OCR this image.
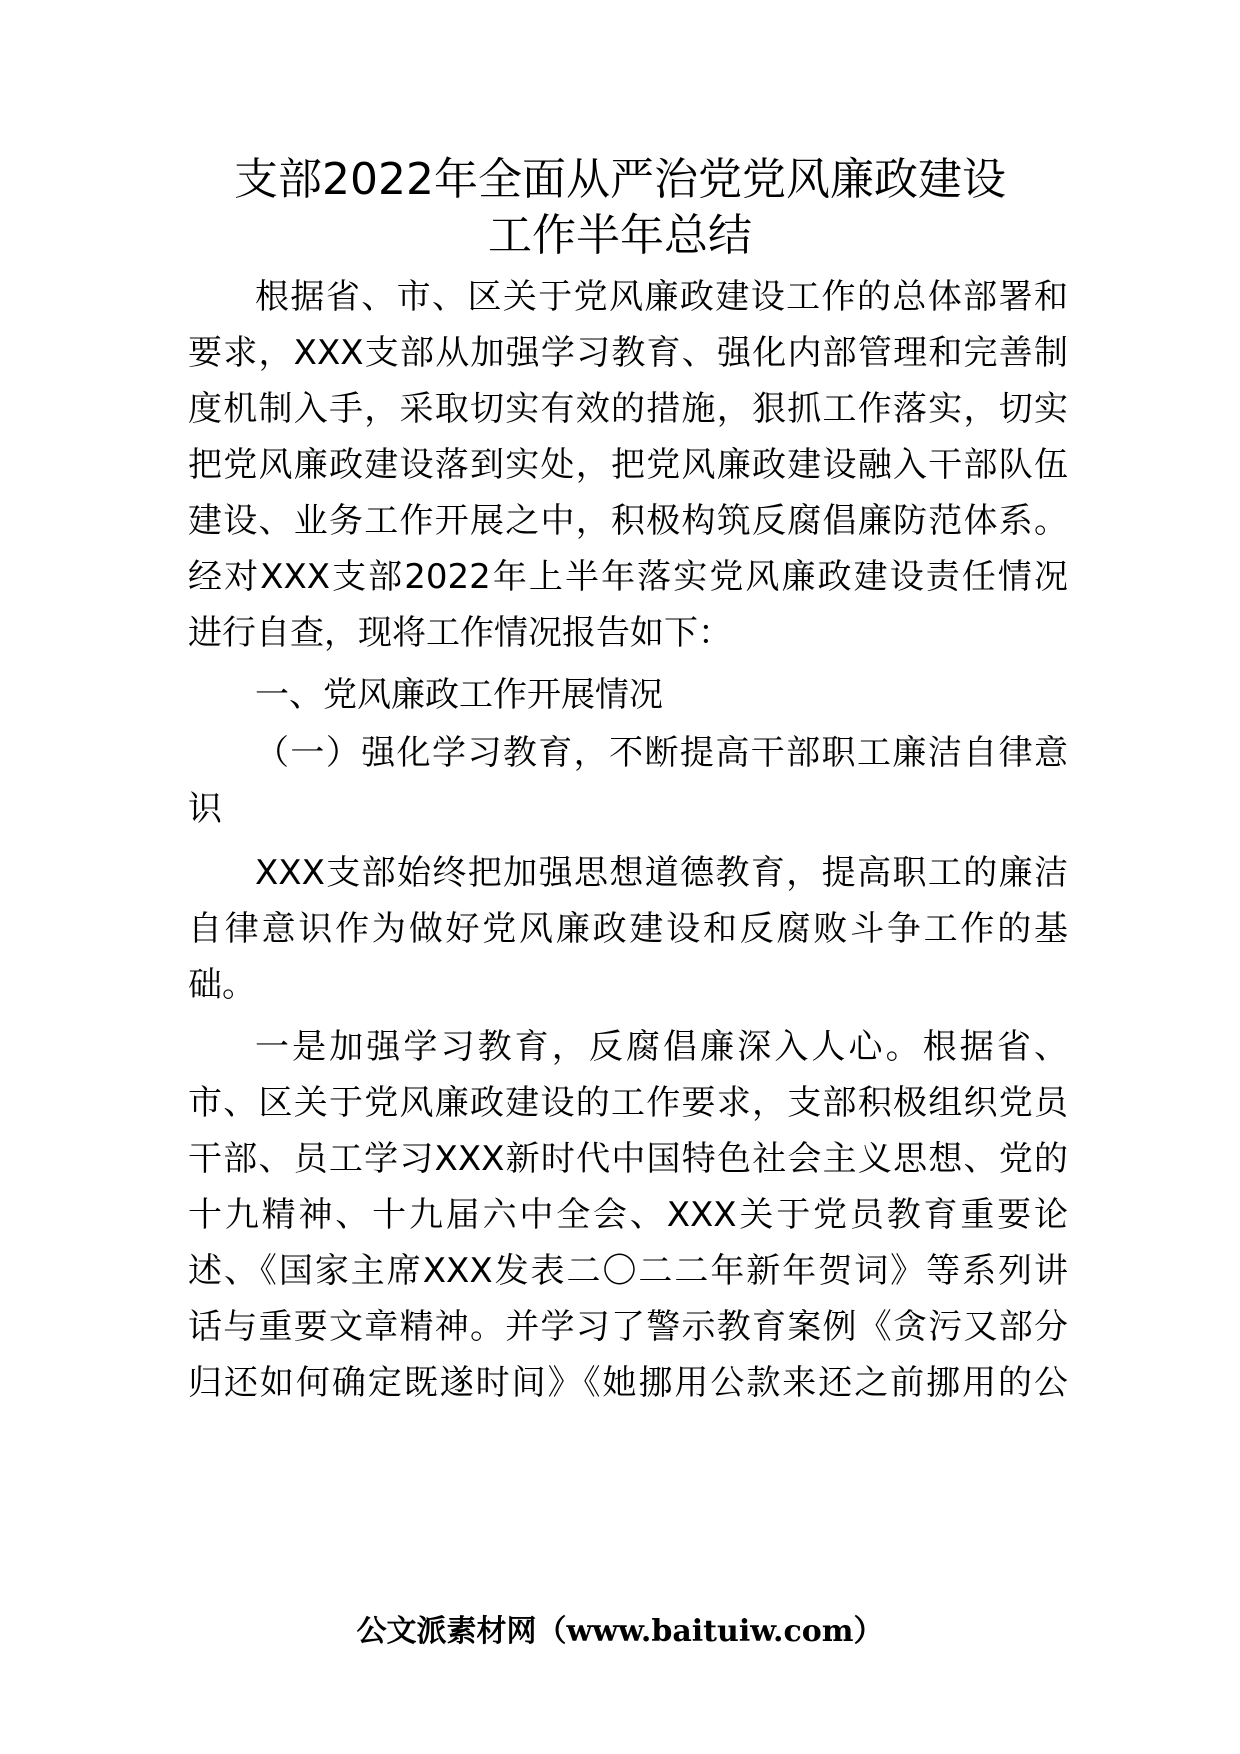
支部2022年全面从严治党党风廉政建设
工作半年总结
根据省、市、区关于党风廉政建设工作的总体部署和
要求，XXX支部从加强学习教育、强化内部管理和完善制
度机制入手，采取切实有效的措施，狠抓工作落实，切实
把党风廉政建设落到实处，把党风廉政建设融入干部队伍
建设、业务工作开展之中，积极构筑反腐倡廉防范体系。
经对XXX支部2022年上半年落实党风廉政建设责任情况
进行自查，现将工作情况报告如下：
一、党风廉政工作开展情况
（一）强化学习教育，不断提高干部职工廉洁自律意
识
XXX支部始终把加强思想道德教育，提高职工的廉洁
自律意识作为做好党风廉政建设和反腐败斗争工作的基
础。
一是加强学习教育，反腐倡廉深入人心。根据省、
市、区关于党风廉政建设的工作要求，支部积极组织党员
干部、员工学习XXX新时代中国特色社会主义思想、党的
十九精神、十九届六中全会、XXX关于党员教育重要论
述、《国家主席XXX发表二〇二二年新年贺词》等系列讲
话与重要文章精神。并学习了警示教育案例《贪污又部分
归还如何确定既遂时间》《她挪用公款来还之前挪用的公
公文派素材网（www.baituiw.com）
